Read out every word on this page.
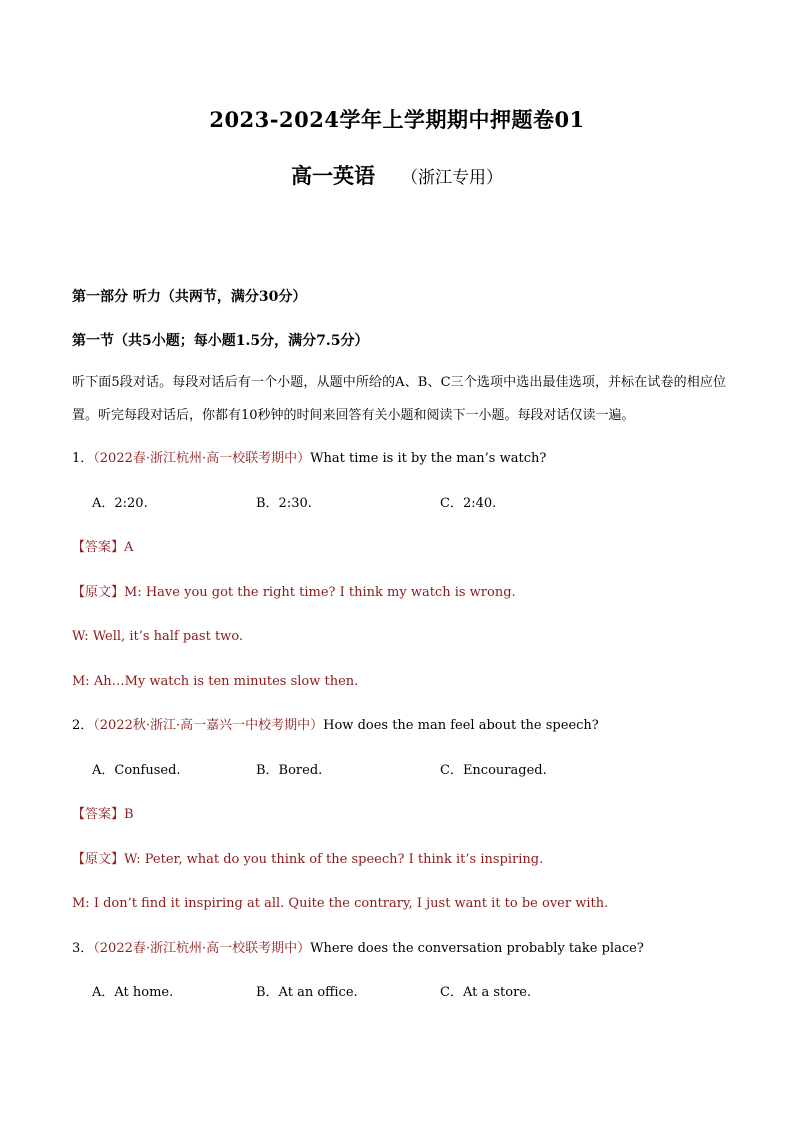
2023-2024学年上学期期中押题卷01
高一英语 （浙江专用）
第一部分 听力（共两节，满分30分）
第一节（共5小题；每小题1.5分，满分7.5分）
听下面5段对话。每段对话后有一个小题，从题中所给的A、B、C三个选项中选出最佳选项，并标在试卷的相应位置。听完每段对话后，你都有10秒钟的时间来回答有关小题和阅读下一小题。每段对话仅读一遍。
1．（2022春·浙江杭州·高一校联考期中）What time is it by the man’s watch?
A．2:20.	B．2:30.	C．2:40.
【答案】A
【原文】M: Have you got the right time? I think my watch is wrong.
W: Well, it’s half past two.
M: Ah…My watch is ten minutes slow then.
2．（2022秋·浙江·高一嘉兴一中校考期中）How does the man feel about the speech?
A．Confused.	B．Bored.	C．Encouraged.
【答案】B
【原文】W: Peter, what do you think of the speech? I think it’s inspiring.
M: I don’t find it inspiring at all. Quite the contrary, I just want it to be over with.
3．（2022春·浙江杭州·高一校联考期中）Where does the conversation probably take place?
A．At home.	B．At an office.	C．At a store.
